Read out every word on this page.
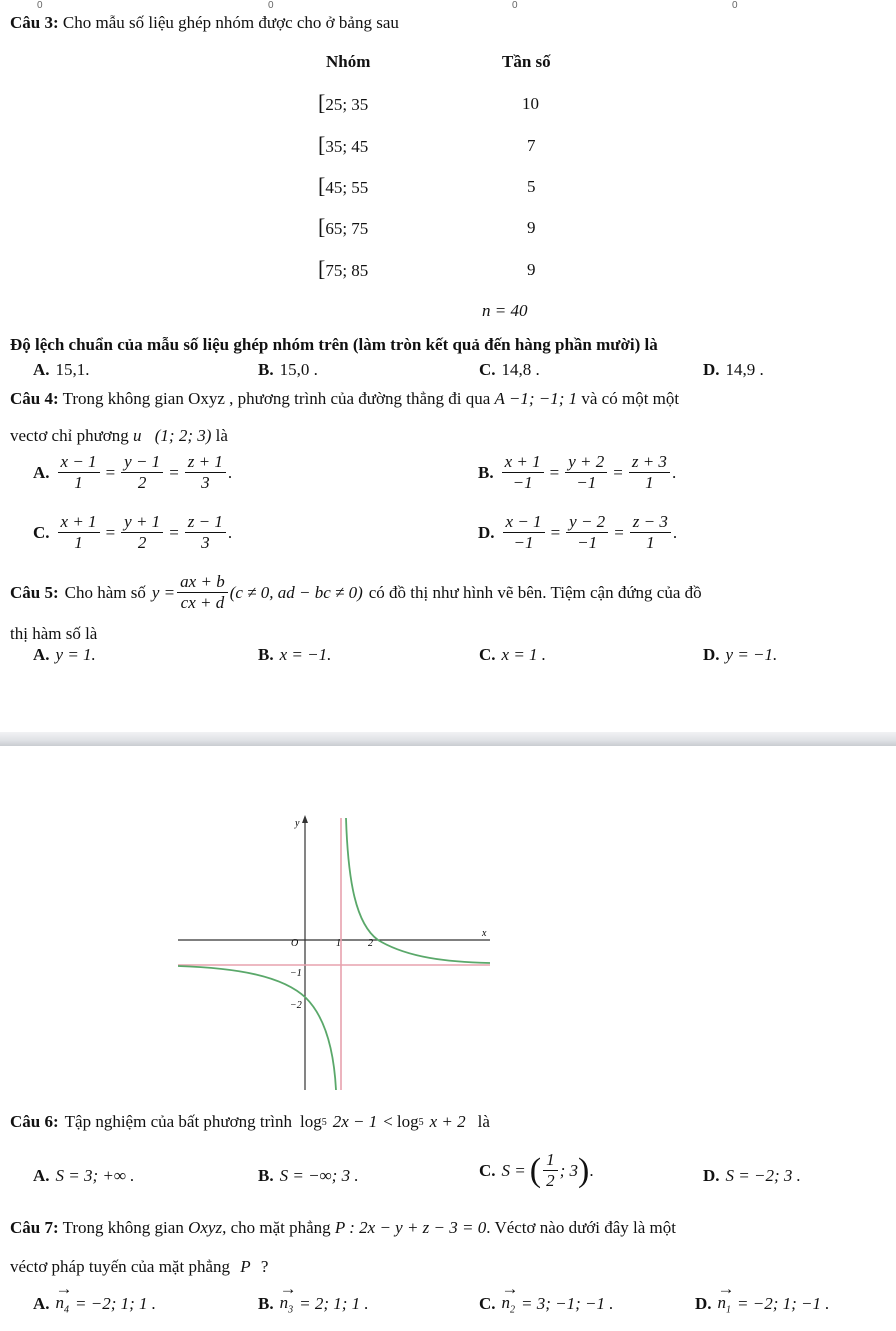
0	0	0	0
Câu 3: Cho mẫu số liệu ghép nhóm được cho ở bảng sau
Nhóm	Tần số
[25; 35	10
[35; 45	7
[45; 55	5
[65; 75	9
[75; 85	9
n = 40
Độ lệch chuẩn của mẫu số liệu ghép nhóm trên (làm tròn kết quả đến hàng phần mười) là
A. 15,1.	B. 15,0 .	C. 14,8 .	D. 14,9 .
Câu 4: Trong không gian Oxyz , phương trình của đường thẳng đi qua A −1; −1; 1 và có một một
vectơ chỉ phương u⃗(1; 2; 3) là
A. $\frac{x - 1}{1} = \frac{y - 1}{2} = \frac{z + 1}{3}$ .	B. $\frac{x + 1}{-1} = \frac{y + 2}{-1} = \frac{z + 3}{1}$ .
C. $\frac{x + 1}{1} = \frac{y + 1}{2} = \frac{z - 1}{3}$ .	D. $\frac{x - 1}{-1} = \frac{y - 2}{-1} = \frac{z - 3}{1}$ .
Câu 5: Cho hàm số $y = \frac{ax + b}{cx + d} (c \ne 0$, ad − bc ≠ 0) có đồ thị như hình vẽ bên. Tiệm cận đứng của đồ
thị hàm số là
A. y = 1.	B. x = −1.	C. x = 1 .	D. y = −1.
y
x
O	1	2
−1
−2
Câu 6: Tập nghiệm của bất phương trình log 5 2x − 1 < log 5 x + 2 là
A. S = 3; +∞ .	B. S = −∞; 3 .	C. S = ( $\frac{1}{2}$ ; 3 ) .	D. S = −2; 3 .
Câu 7: Trong không gian Oxyz, cho mặt phẳng P : 2x − y + z − 3 = 0. Véctơ nào dưới đây là một
véctơ pháp tuyến của mặt phẳng P ?
A.
→
$n_4 = -2$; 1; 1 .	B.
→
$n_3 = 2$; 1; 1 .	C.
→
$n_2 = 3$; −1; −1 .	D.
→
$n_1 = -2$; 1; −1 .
